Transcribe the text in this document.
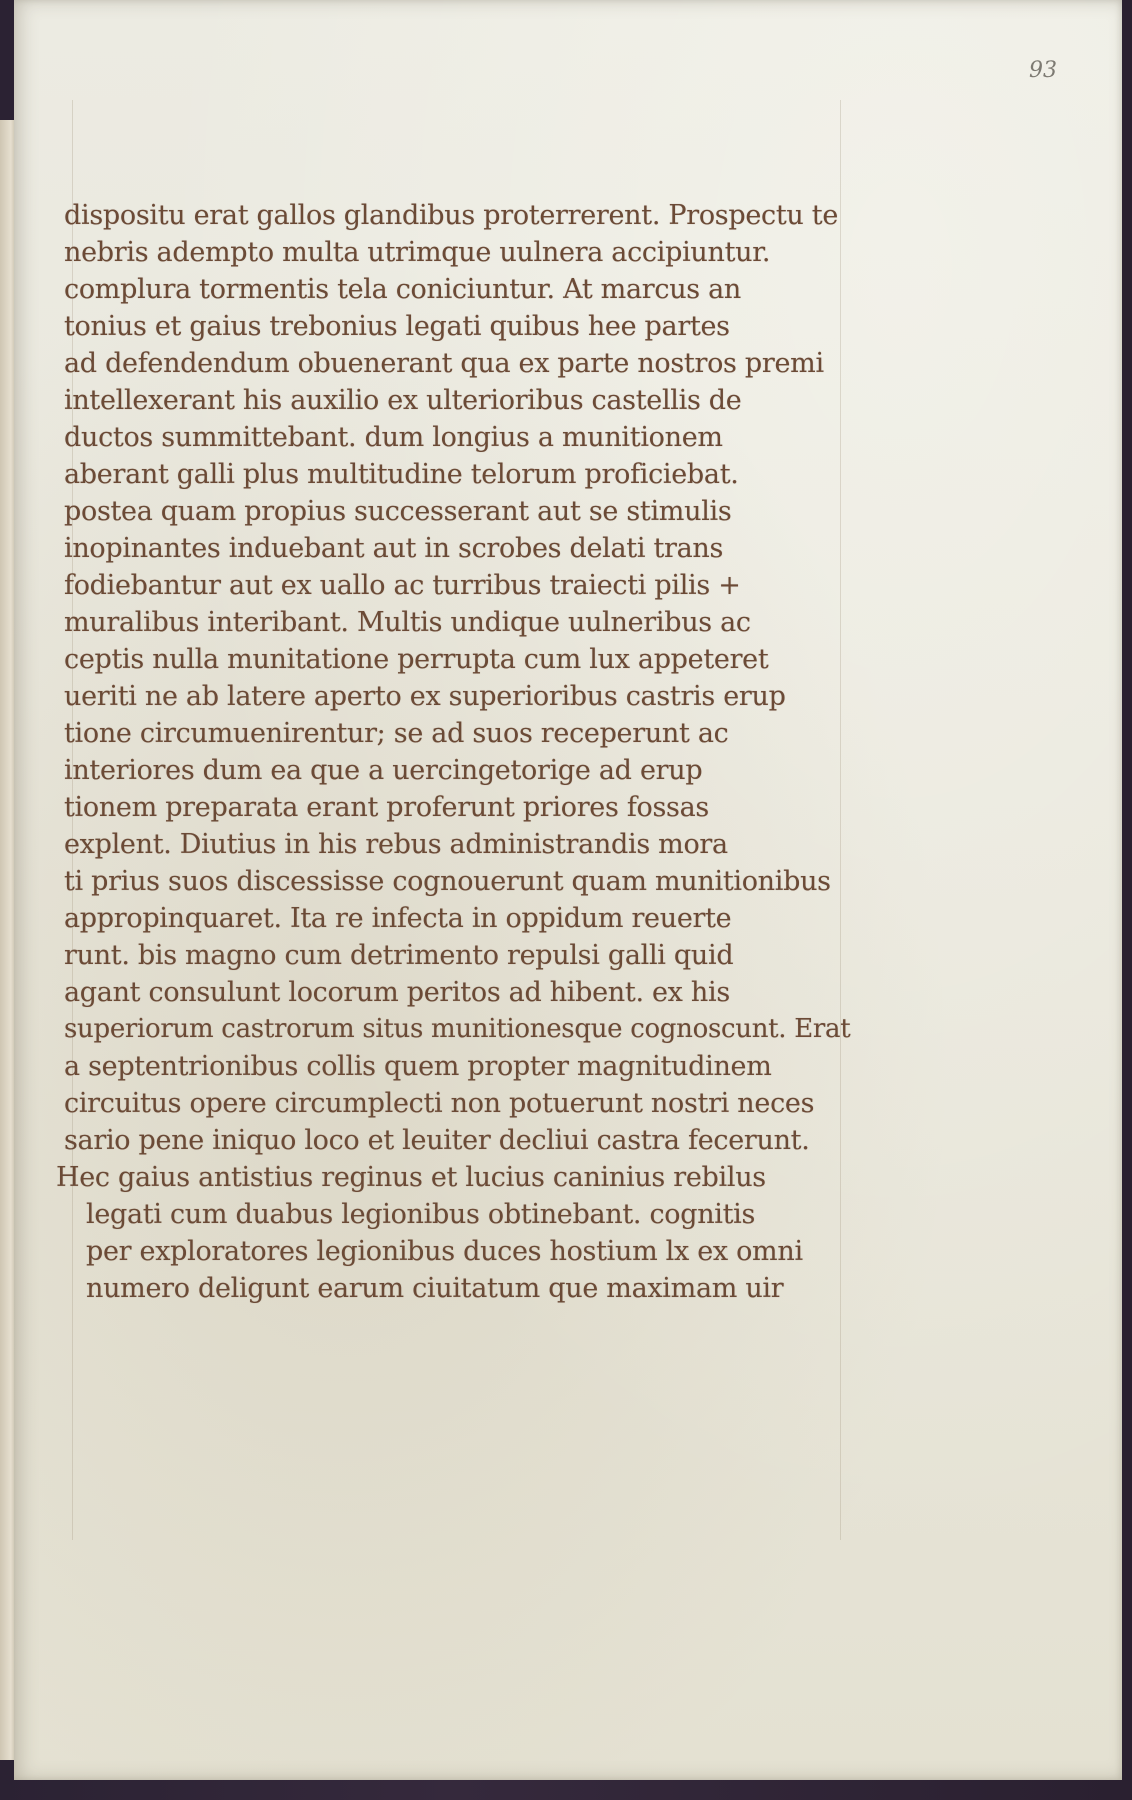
93
dispositu erat gallos glandibus proterrerent. Prospectu te
nebris adempto multa utrimque uulnera accipiuntur.
complura tormentis tela coniciuntur. At marcus an
tonius et gaius trebonius legati quibus hee partes
ad defendendum obuenerant qua ex parte nostros premi
intellexerant his auxilio ex ulterioribus castellis de
ductos summittebant. dum longius a munitionem
aberant galli plus multitudine telorum proficiebat.
postea quam propius successerant aut se stimulis
inopinantes induebant aut in scrobes delati trans
fodiebantur aut ex uallo ac turribus traiecti pilis +
muralibus interibant. Multis undique uulneribus ac
ceptis nulla munitatione perrupta cum lux appeteret
ueriti ne ab latere aperto ex superioribus castris erup
tione circumuenirentur; se ad suos receperunt ac
interiores dum ea que a uercingetorige ad erup
tionem preparata erant proferunt priores fossas
explent. Diutius in his rebus administrandis mora
ti prius suos discessisse cognouerunt quam munitionibus
appropinquaret. Ita re infecta in oppidum reuerte
runt. bis magno cum detrimento repulsi galli quid
agant consulunt locorum peritos ad hibent. ex his
superiorum castrorum situs munitionesque cognoscunt. Erat
a septentrionibus collis quem propter magnitudinem
circuitus opere circumplecti non potuerunt nostri neces
sario pene iniquo loco et leuiter decliui castra fecerunt.
Hec gaius antistius reginus et lucius caninius rebilus
legati cum duabus legionibus obtinebant. cognitis
per exploratores legionibus duces hostium lx ex omni
numero deligunt earum ciuitatum que maximam uir
